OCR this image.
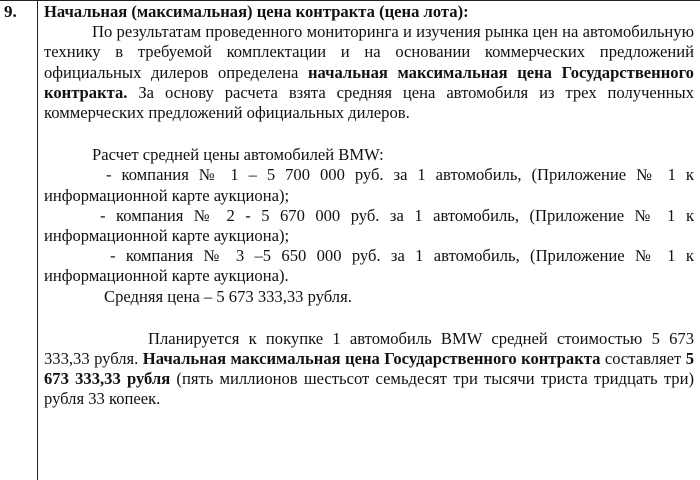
9. Начальная (максимальная) цена контракта (цена лота):

По результатам проведенного мониторинга и изучения рынка цен на автомобильную технику в требуемой комплектации и на основании коммерческих предложений официальных дилеров определена начальная максимальная цена Государственного контракта. За основу расчета взята средняя цена автомобиля из трех полученных коммерческих предложений официальных дилеров.

Расчет средней цены автомобилей BMW:

- компания № 1 – 5 700 000 руб. за 1 автомобиль, (Приложение № 1 к информационной карте аукциона);

- компания № 2 - 5 670 000 руб. за 1 автомобиль, (Приложение № 1 к информационной карте аукциона);

- компания № 3 –5 650 000 руб. за 1 автомобиль, (Приложение № 1 к информационной карте аукциона).

Средняя цена – 5 673 333,33 рубля.

Планируется к покупке 1 автомобиль BMW средней стоимостью 5 673 333,33 рубля. Начальная максимальная цена Государственного контракта составляет 5 673 333,33 рубля (пять миллионов шестьсот семьдесят три тысячи триста тридцать три) рубля 33 копеек.
